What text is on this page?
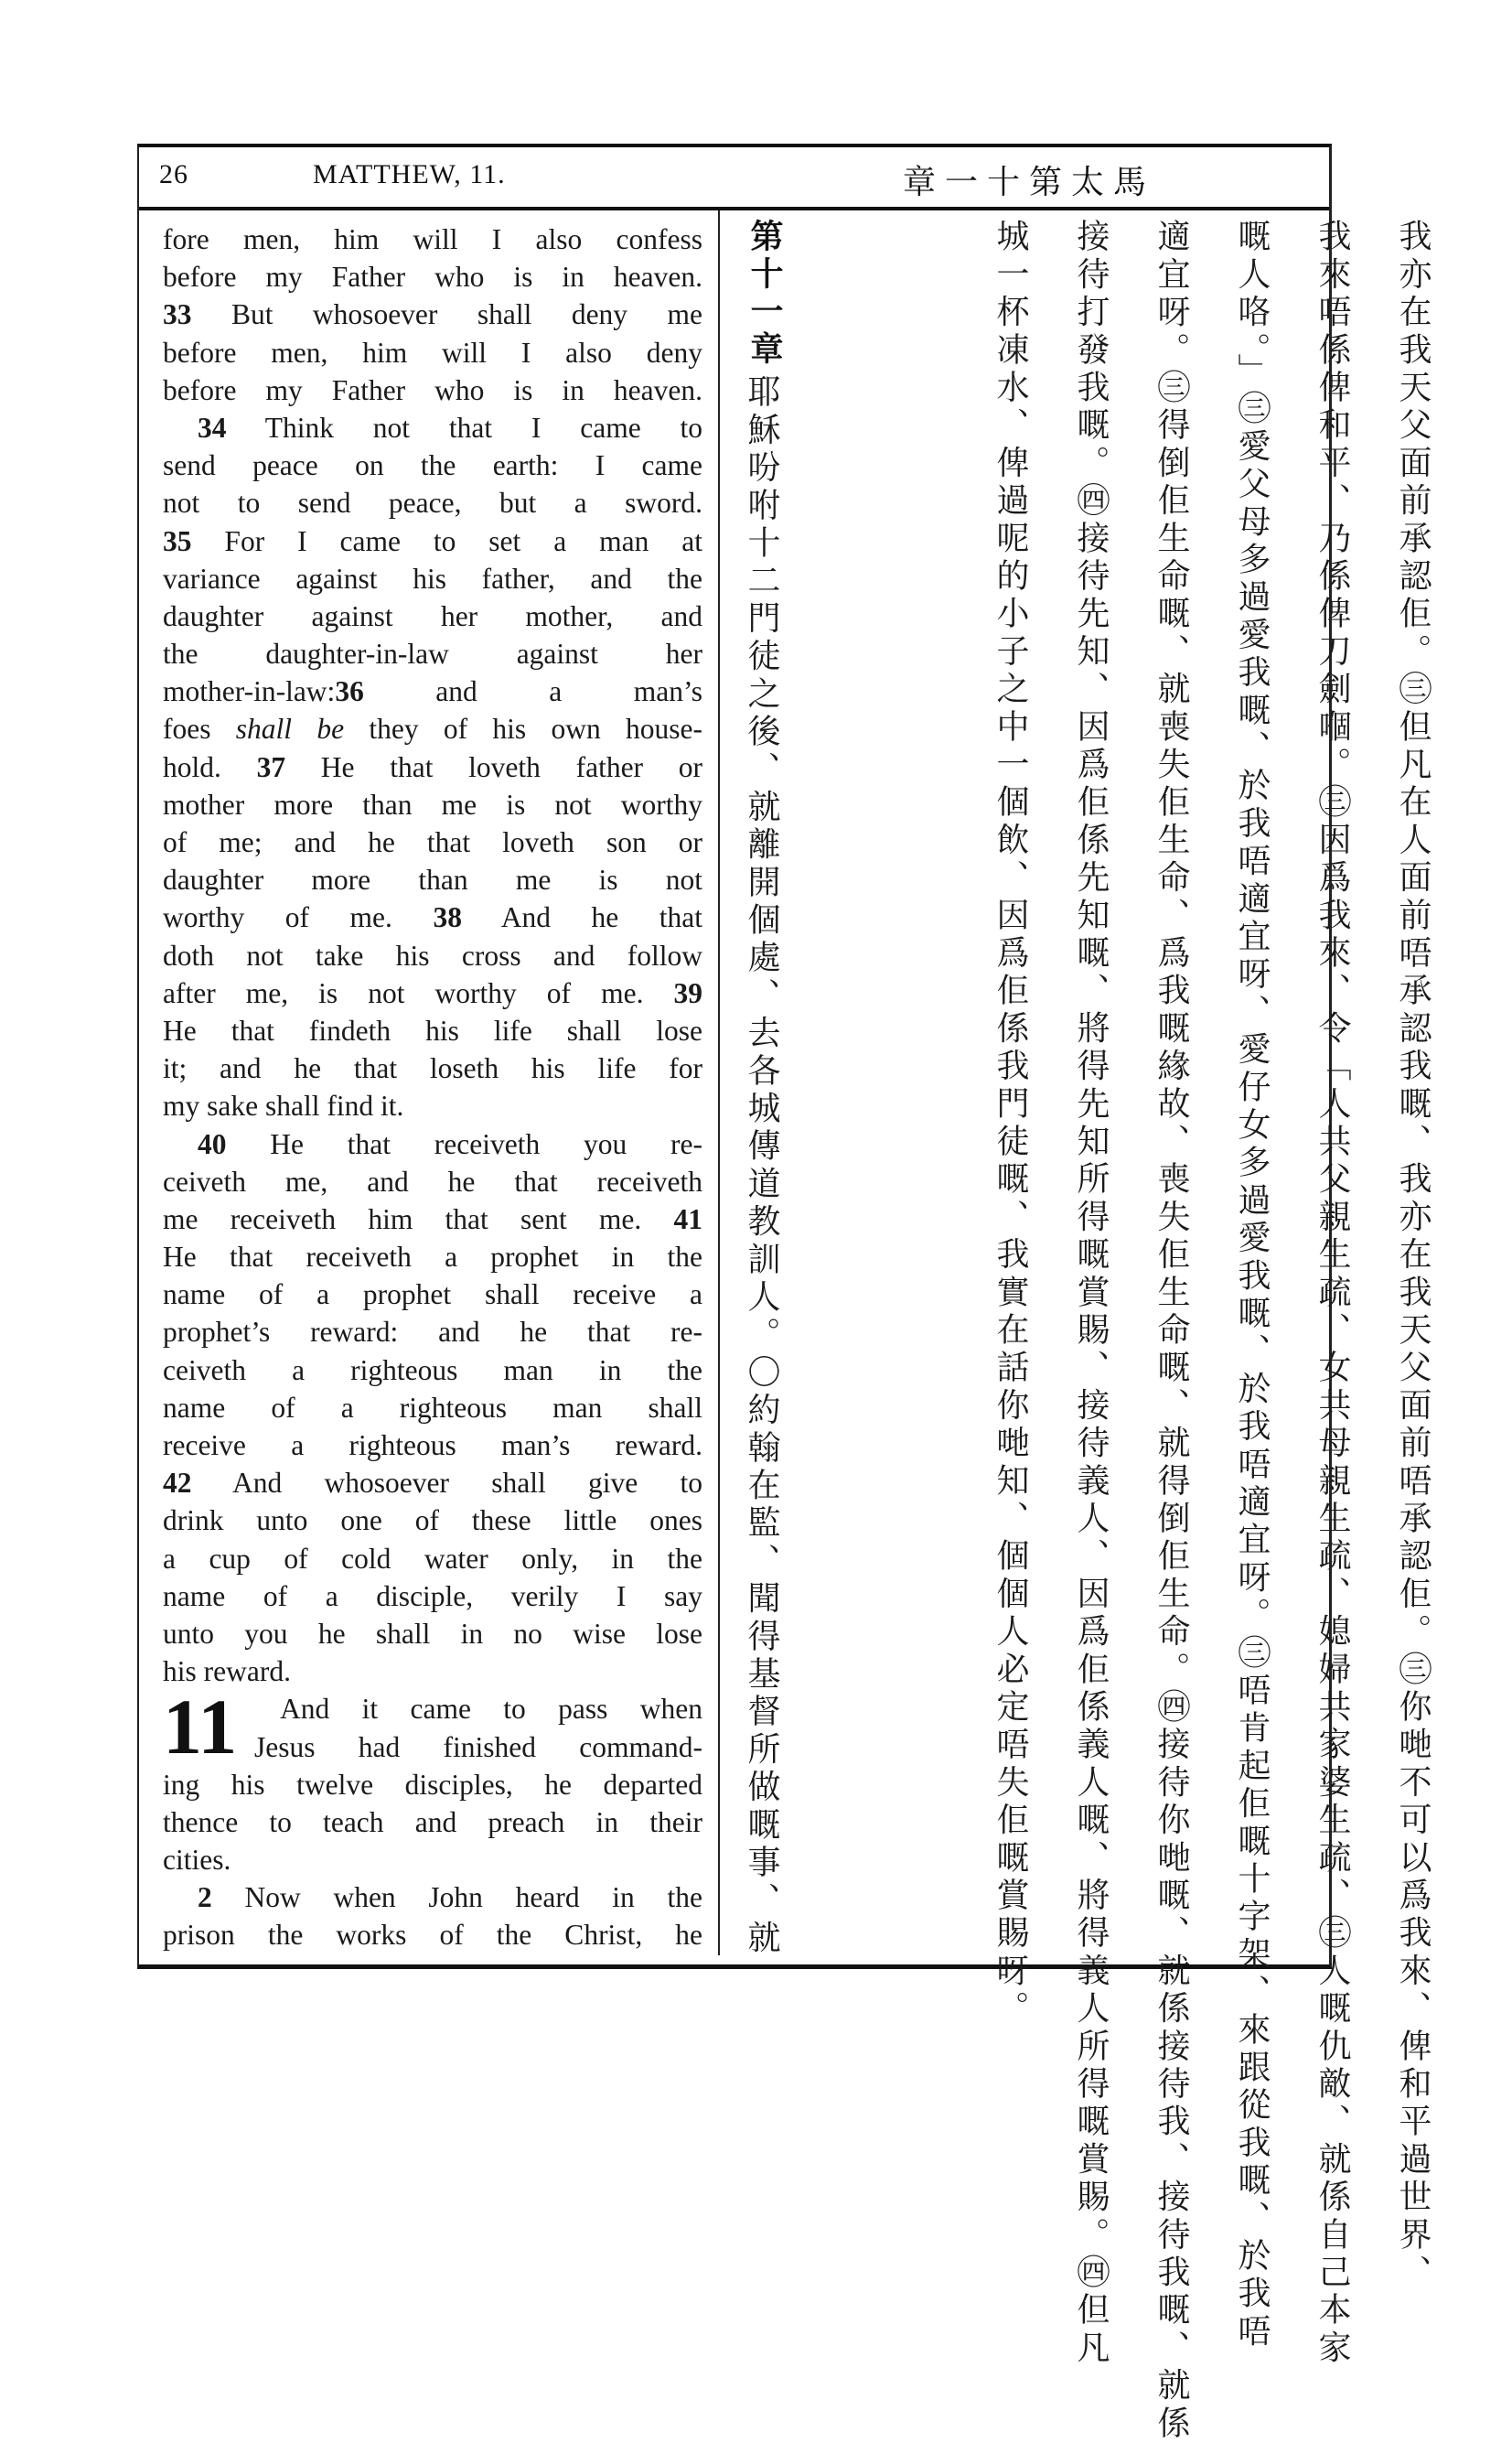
26	MATTHEW, 11.	章一十第太馬
fore men, him will I also confess
before my Father who is in heaven.
33 But whosoever shall deny me
before men, him will I also deny
before my Father who is in heaven.
34 Think not that I came to
send peace on the earth: I came
not to send peace, but a sword.
35 For I came to set a man at
variance against his father, and the
daughter against her mother, and
the daughter-in-law against her
mother-in-law:36 and a man’s
foes shall be they of his own house-
hold. 37 He that loveth father or
mother more than me is not worthy
of me; and he that loveth son or
daughter more than me is not
worthy of me. 38 And he that
doth not take his cross and follow
after me, is not worthy of me. 39
He that findeth his life shall lose
it; and he that loseth his life for
my sake shall find it.
40 He that receiveth you re-
ceiveth me, and he that receiveth
me receiveth him that sent me. 41
He that receiveth a prophet in the
name of a prophet shall receive a
prophet’s reward: and he that re-
ceiveth a righteous man in the
name of a righteous man shall
receive a righteous man’s reward.
42 And whosoever shall give to
drink unto one of these little ones
a cup of cold water only, in the
name of a disciple, verily I say
unto you he shall in no wise lose
his reward.
11	And it came to pass when
Jesus had finished command-
ing his twelve disciples, he departed
thence to teach and preach in their
cities.
2 Now when John heard in the
prison the works of the Christ, he	我亦在我天父面前承認佢。㊂但凡在人面前唔承認我嘅、我亦在我天父面前唔承認佢。㊂你哋不可以爲我來、俾和平過世界、
我來唔係俾和平、乃係俾刀劍嗰。㊂因爲我來、令「人共父親生疏、女共母親生疏、媳婦共家婆生疏、㊂人嘅仇敵、就係自己本家
嘅人咯。」㊂愛父母多過愛我嘅、於我唔適宜呀、愛仔女多過愛我嘅、於我唔適宜呀。㊂唔肯起佢嘅十字架、來跟從我嘅、於我唔
適宜呀。㊂得倒佢生命嘅、就喪失佢生命、爲我嘅緣故、喪失佢生命嘅、就得倒佢生命。㊃接待你哋嘅、就係接待我、接待我嘅、就係
接待打發我嘅。㊃接待先知、因爲佢係先知嘅、將得先知所得嘅賞賜、接待義人、因爲佢係義人嘅、將得義人所得嘅賞賜。㊃但凡
城一杯凍水、俾過呢的小子之中一個飲、因爲佢係我門徒嘅、我實在話你哋知、個個人必定唔失佢嘅賞賜呀。
第十一章
耶穌吩咐十二門徒之後、就離開個處、去各城傳道教訓人。〇約翰在監、聞得基督所做嘅事、就
